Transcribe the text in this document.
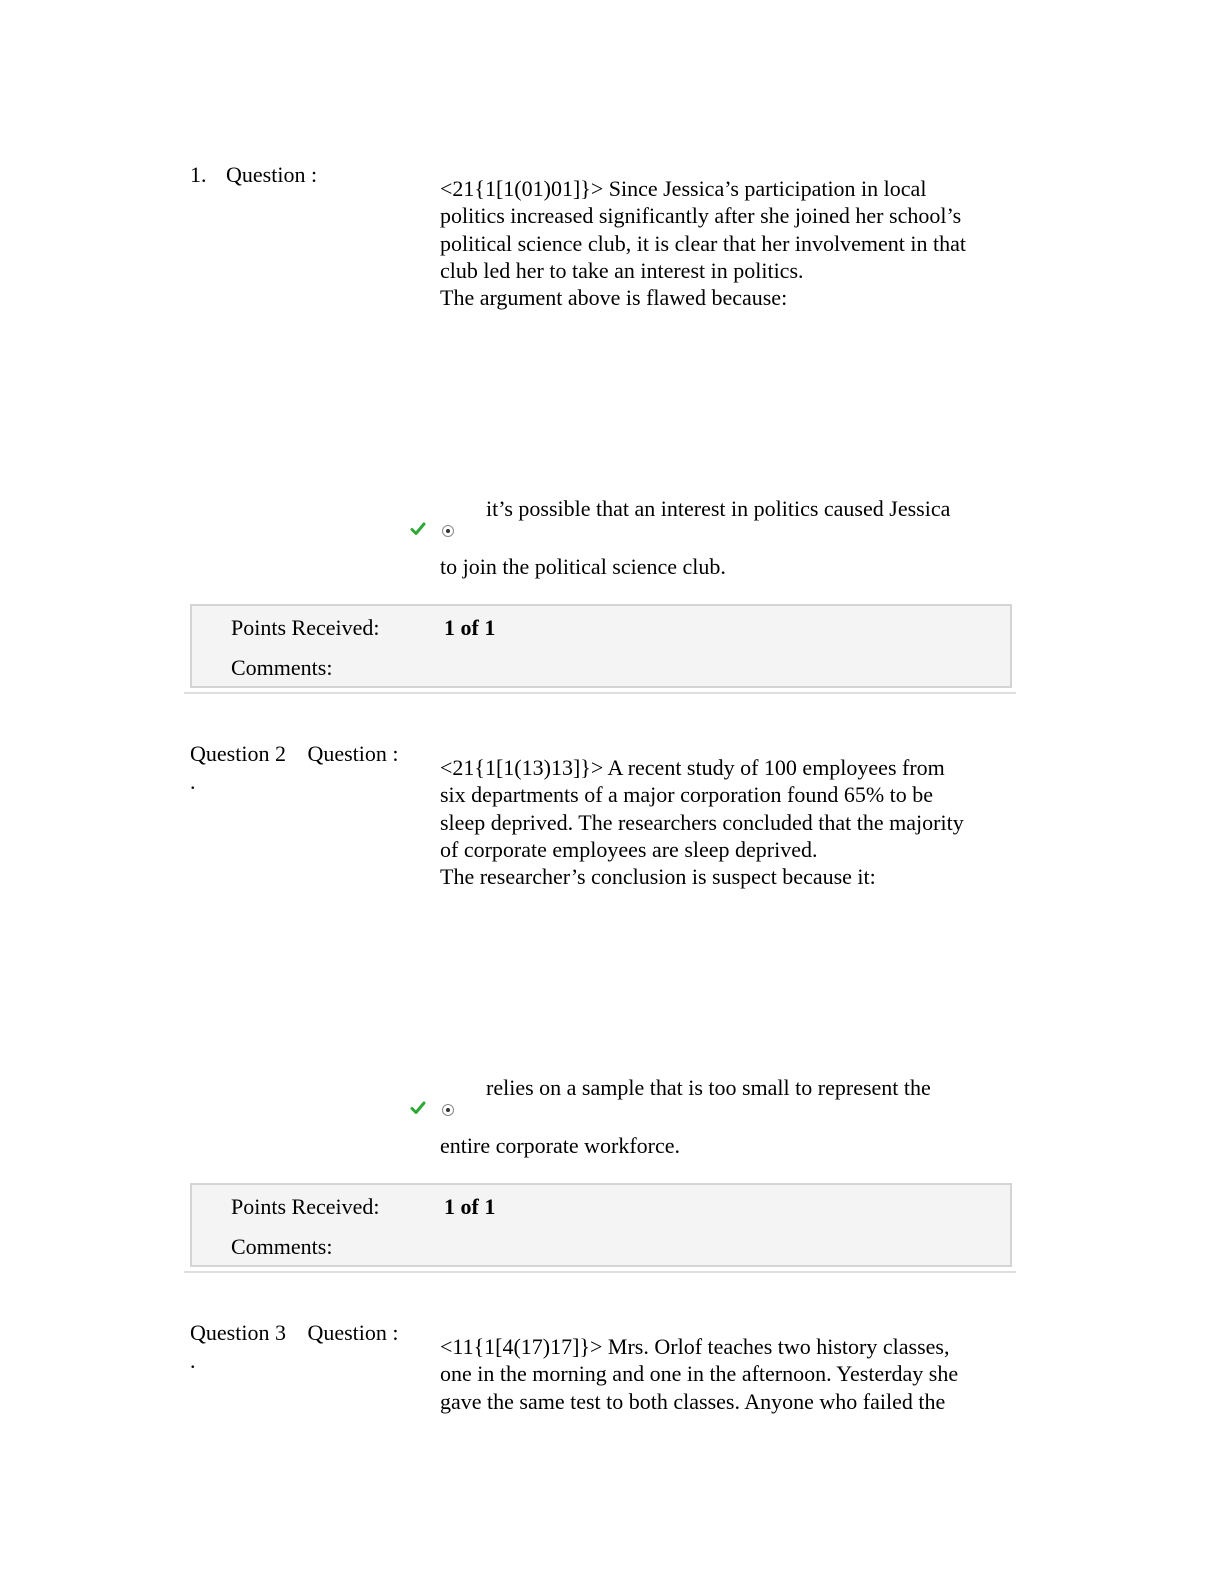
1. Question :
<21{1[1(01)01]}> Since Jessica’s participation in local
politics increased significantly after she joined her school’s
political science club, it is clear that her involvement in that
club led her to take an interest in politics.
The argument above is flawed because:
it’s possible that an interest in politics caused Jessica
to join the political science club.
Points Received:	1 of 1
Comments:
Question 2 Question :
.
<21{1[1(13)13]}> A recent study of 100 employees from
six departments of a major corporation found 65% to be
sleep deprived. The researchers concluded that the majority
of corporate employees are sleep deprived.
The researcher’s conclusion is suspect because it:
relies on a sample that is too small to represent the
entire corporate workforce.
Points Received:	1 of 1
Comments:
Question 3 Question :
.
<11{1[4(17)17]}> Mrs. Orlof teaches two history classes,
one in the morning and one in the afternoon. Yesterday she
gave the same test to both classes. Anyone who failed the
